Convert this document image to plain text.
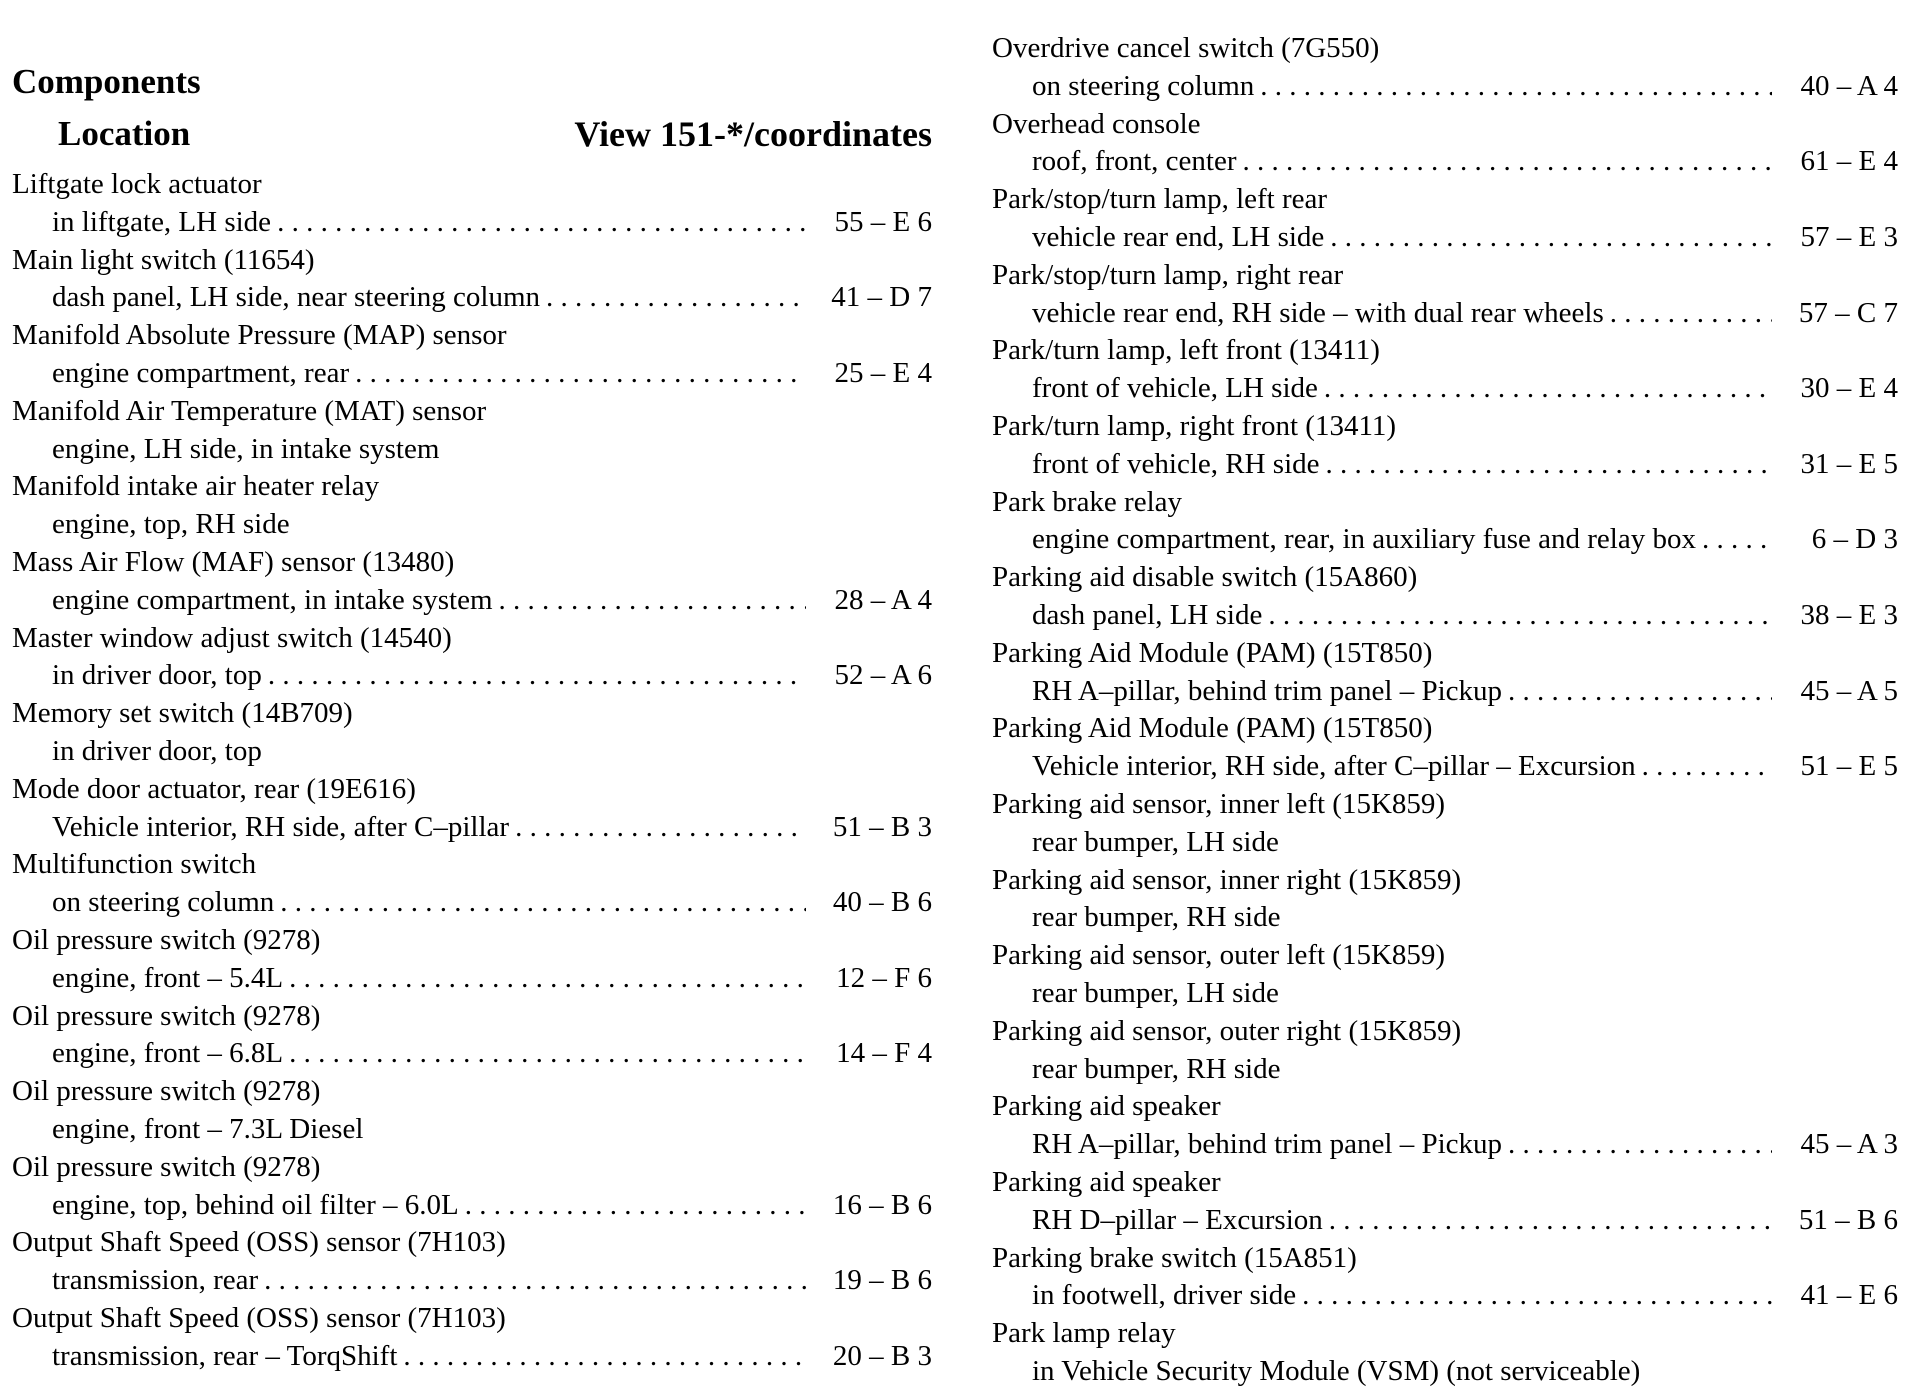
Components
Location	View 151-*/coordinates
Liftgate lock actuator
in liftgate, LH side . . .	55 – E 6
Main light switch (11654)
dash panel, LH side, near steering column . . .	41 – D 7
Manifold Absolute Pressure (MAP) sensor
engine compartment, rear . . .	25 – E 4
Manifold Air Temperature (MAT) sensor
engine, LH side, in intake system
Manifold intake air heater relay
engine, top, RH side
Mass Air Flow (MAF) sensor (13480)
engine compartment, in intake system . . .	28 – A 4
Master window adjust switch (14540)
in driver door, top . . .	52 – A 6
Memory set switch (14B709)
in driver door, top
Mode door actuator, rear (19E616)
Vehicle interior, RH side, after C–pillar . . .	51 – B 3
Multifunction switch
on steering column . . .	40 – B 6
Oil pressure switch (9278)
engine, front – 5.4L . . .	12 – F 6
Oil pressure switch (9278)
engine, front – 6.8L . . .	14 – F 4
Oil pressure switch (9278)
engine, front – 7.3L Diesel
Oil pressure switch (9278)
engine, top, behind oil filter – 6.0L . . .	16 – B 6
Output Shaft Speed (OSS) sensor (7H103)
transmission, rear . . .	19 – B 6
Output Shaft Speed (OSS) sensor (7H103)
transmission, rear – TorqShift . . .	20 – B 3
Overdrive cancel switch (7G550)
on steering column . . .	40 – A 4
Overhead console
roof, front, center . . .	61 – E 4
Park/stop/turn lamp, left rear
vehicle rear end, LH side . . .	57 – E 3
Park/stop/turn lamp, right rear
vehicle rear end, RH side – with dual rear wheels . . .	57 – C 7
Park/turn lamp, left front (13411)
front of vehicle, LH side . . .	30 – E 4
Park/turn lamp, right front (13411)
front of vehicle, RH side . . .	31 – E 5
Park brake relay
engine compartment, rear, in auxiliary fuse and relay box . . .	6 – D 3
Parking aid disable switch (15A860)
dash panel, LH side . . .	38 – E 3
Parking Aid Module (PAM) (15T850)
RH A–pillar, behind trim panel – Pickup . . .	45 – A 5
Parking Aid Module (PAM) (15T850)
Vehicle interior, RH side, after C–pillar – Excursion . . .	51 – E 5
Parking aid sensor, inner left (15K859)
rear bumper, LH side
Parking aid sensor, inner right (15K859)
rear bumper, RH side
Parking aid sensor, outer left (15K859)
rear bumper, LH side
Parking aid sensor, outer right (15K859)
rear bumper, RH side
Parking aid speaker
RH A–pillar, behind trim panel – Pickup . . .	45 – A 3
Parking aid speaker
RH D–pillar – Excursion . . .	51 – B 6
Parking brake switch (15A851)
in footwell, driver side . . .	41 – E 6
Park lamp relay
in Vehicle Security Module (VSM) (not serviceable)
